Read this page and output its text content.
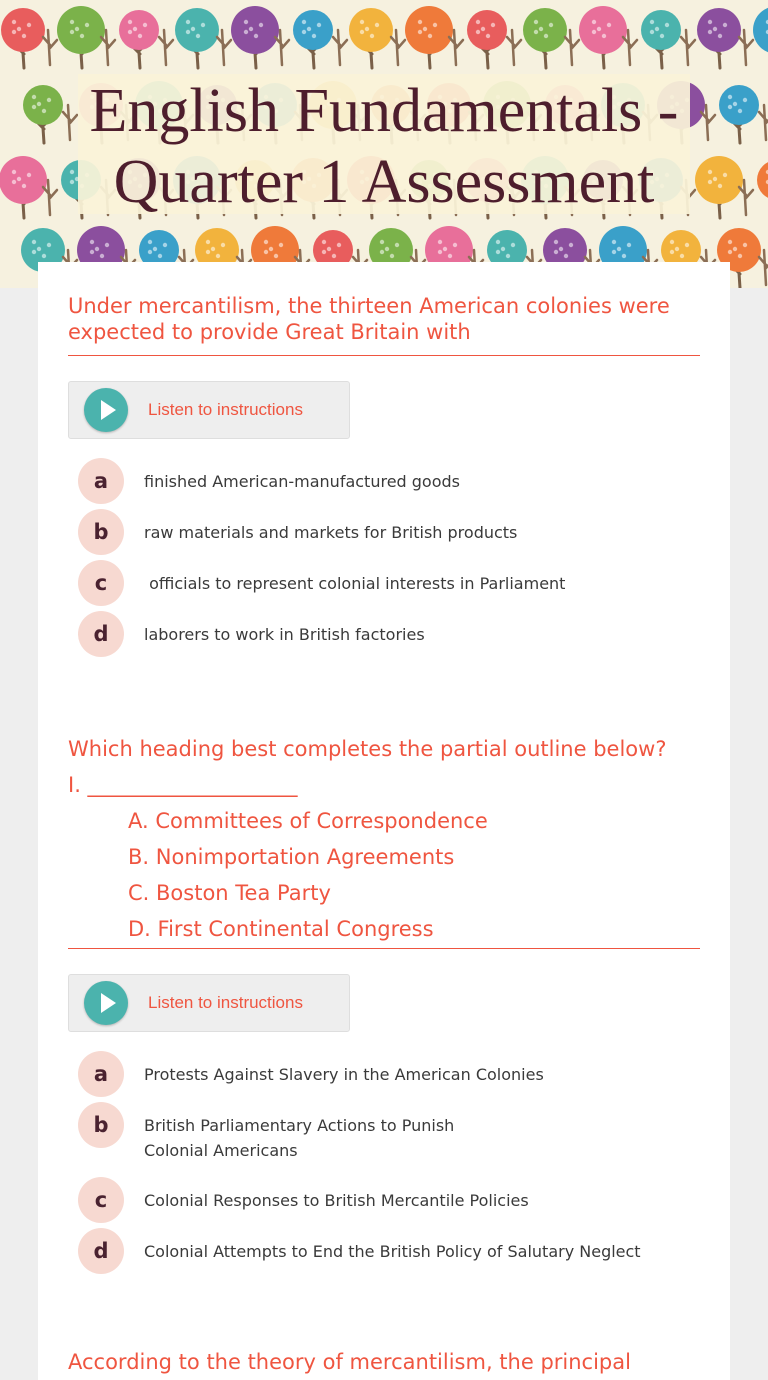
English Fundamentals -
Quarter 1 Assessment
Under mercantilism, the thirteen American colonies were expected to provide Great Britain with
Listen to instructions
a	finished American-manufactured goods
b	raw materials and markets for British products
c	officials to represent colonial interests in Parliament
d	laborers to work in British factories
Which heading best completes the partial outline below?
I. ____________________
A. Committees of Correspondence
B. Nonimportation Agreements
C. Boston Tea Party
D. First Continental Congress
Listen to instructions
a	Protests Against Slavery in the American Colonies
b	British Parliamentary Actions to Punish Colonial Americans
c	Colonial Responses to British Mercantile Policies
d	Colonial Attempts to End the British Policy of Salutary Neglect
According to the theory of mercantilism, the principal
